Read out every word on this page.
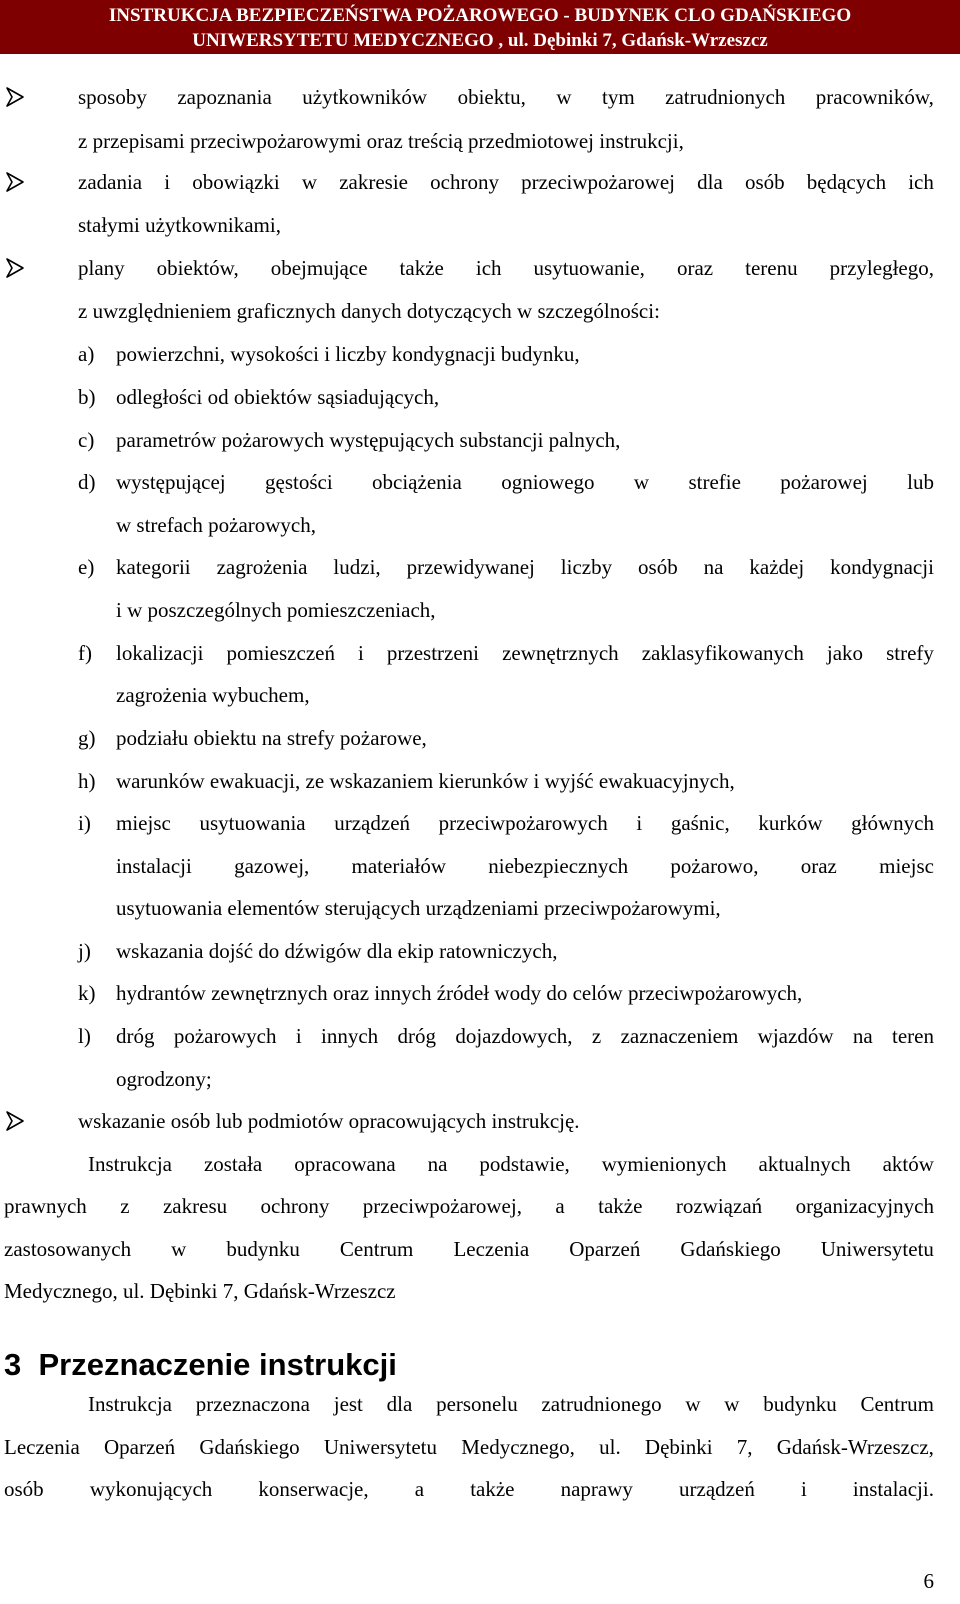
INSTRUKCJA BEZPIECZEŃSTWA POŻAROWEGO - BUDYNEK CLO GDAŃSKIEGO
UNIWERSYTETU MEDYCZNEGO , ul. Dębinki 7, Gdańsk-Wrzeszcz
sposoby zapoznania użytkowników obiektu, w tym zatrudnionych pracowników,
z przepisami przeciwpożarowymi oraz treścią przedmiotowej instrukcji,
zadania i obowiązki w zakresie ochrony przeciwpożarowej dla osób będących ich
stałymi użytkownikami,
plany obiektów, obejmujące także ich usytuowanie, oraz terenu przyległego,
z uwzględnieniem graficznych danych dotyczących w szczególności:
a) powierzchni, wysokości i liczby kondygnacji budynku,
b) odległości od obiektów sąsiadujących,
c) parametrów pożarowych występujących substancji palnych,
d) występującej gęstości obciążenia ogniowego w strefie pożarowej lub
w strefach pożarowych,
e) kategorii zagrożenia ludzi, przewidywanej liczby osób na każdej kondygnacji
i w poszczególnych pomieszczeniach,
f) lokalizacji pomieszczeń i przestrzeni zewnętrznych zaklasyfikowanych jako strefy
zagrożenia wybuchem,
g) podziału obiektu na strefy pożarowe,
h) warunków ewakuacji, ze wskazaniem kierunków i wyjść ewakuacyjnych,
i) miejsc usytuowania urządzeń przeciwpożarowych i gaśnic, kurków głównych
instalacji gazowej, materiałów niebezpiecznych pożarowo, oraz miejsc
usytuowania elementów sterujących urządzeniami przeciwpożarowymi,
j) wskazania dojść do dźwigów dla ekip ratowniczych,
k) hydrantów zewnętrznych oraz innych źródeł wody do celów przeciwpożarowych,
l) dróg pożarowych i innych dróg dojazdowych, z zaznaczeniem wjazdów na teren
ogrodzony;
wskazanie osób lub podmiotów opracowujących instrukcję.
Instrukcja została opracowana na podstawie, wymienionych aktualnych aktów
prawnych z zakresu ochrony przeciwpożarowej, a także rozwiązań organizacyjnych
zastosowanych w budynku Centrum Leczenia Oparzeń Gdańskiego Uniwersytetu
Medycznego, ul. Dębinki 7, Gdańsk-Wrzeszcz
Instrukcja przeznaczona jest dla personelu zatrudnionego w w budynku Centrum
Leczenia Oparzeń Gdańskiego Uniwersytetu Medycznego, ul. Dębinki 7, Gdańsk-Wrzeszcz,
osób wykonujących konserwacje, a także naprawy urządzeń i instalacji.
3 Przeznaczenie instrukcji
6
